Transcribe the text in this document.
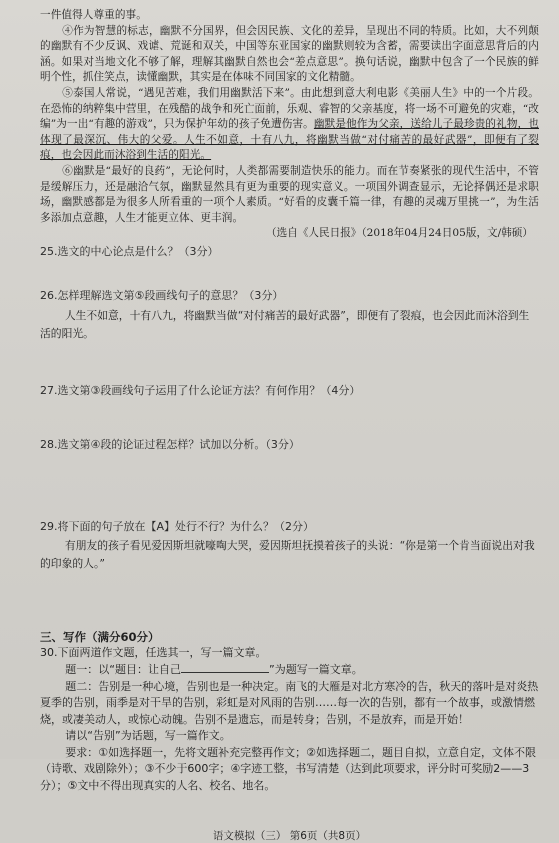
一件值得人尊重的事。

④作为智慧的标志，幽默不分国界，但会因民族、文化的差异，呈现出不同的特质。比如，大不列颠的幽默有不少反讽、戏谑、荒诞和双关，中国等东亚国家的幽默则较为含蓄，需要读出字面意思背后的内涵。如果对当地文化不够了解，理解其幽默自然也会“差点意思”。换句话说，幽默中包含了一个民族的鲜明个性，抓住笑点，读懂幽默，其实是在体味不同国家的文化精髓。

⑤泰国人常说，“遇见苦难，我们用幽默活下来”。由此想到意大利电影《美丽人生》中的一个片段。在恐怖的纳粹集中营里，在残酷的战争和死亡面前，乐观、睿智的父亲基度，将一场不可避免的灾难，“改编”为一出“有趣的游戏”，只为保护年幼的孩子免遭伤害。幽默是他作为父亲，送给儿子最珍贵的礼物，也体现了最深沉、伟大的父爱。人生不如意，十有八九，将幽默当做“对付痛苦的最好武器”，即便有了裂痕，也会因此而沐浴到生活的阳光。

⑥幽默是“最好的良药”，无论何时，人类都需要制造快乐的能力。而在节奏紧张的现代生活中，不管是缓解压力，还是融洽气氛，幽默显然具有更为重要的现实意义。一项国外调查显示，无论择偶还是求职场，幽默感都是为很多人所看重的一项个人素质。“好看的皮囊千篇一律，有趣的灵魂万里挑一”，为生活多添加点意趣，人生才能更立体、更丰润。

（选自《人民日报》（2018年04月24日05版，文/韩硕）

25.选文的中心论点是什么？（3分）

26.怎样理解选文第⑤段画线句子的意思？（3分）

人生不如意，十有八九，将幽默当做“对付痛苦的最好武器”，即便有了裂痕，也会因此而沐浴到生活的阳光。

27.选文第③段画线句子运用了什么论证方法？有何作用？（4分）

28.选文第④段的论证过程怎样？试加以分析。（3分）

29.将下面的句子放在【A】处行不行？为什么？（2分）

有朋友的孩子看见爱因斯坦就嚎啕大哭，爱因斯坦抚摸着孩子的头说：“你是第一个肯当面说出对我的印象的人。”

三、写作（满分60分）

30.下面两道作文题，任选其一，写一篇文章。

题一：以“题目：让自己	”为题写一篇文章。

题二：告别是一种心境，告别也是一种决定。南飞的大雁是对北方寒冷的告，秋天的落叶是对炎热夏季的告别，雨季是对干旱的告别，彩虹是对风雨的告别……每一次的告别，都有一个故事，或激情燃烧，或凄美动人，或惊心动魄。告别不是遗忘，而是转身；告别，不是放弃，而是开始！

请以“告别”为话题，写一篇作文。

要求：①如选择题一，先将文题补充完整再作文；②如选择题二，题目自拟，立意自定，文体不限（诗歌、戏剧除外）；③不少于600字；④字迹工整，书写清楚（达到此项要求，评分时可奖励2——3分）；⑤文中不得出现真实的人名、校名、地名。

语文模拟（三） 第6页（共8页）
